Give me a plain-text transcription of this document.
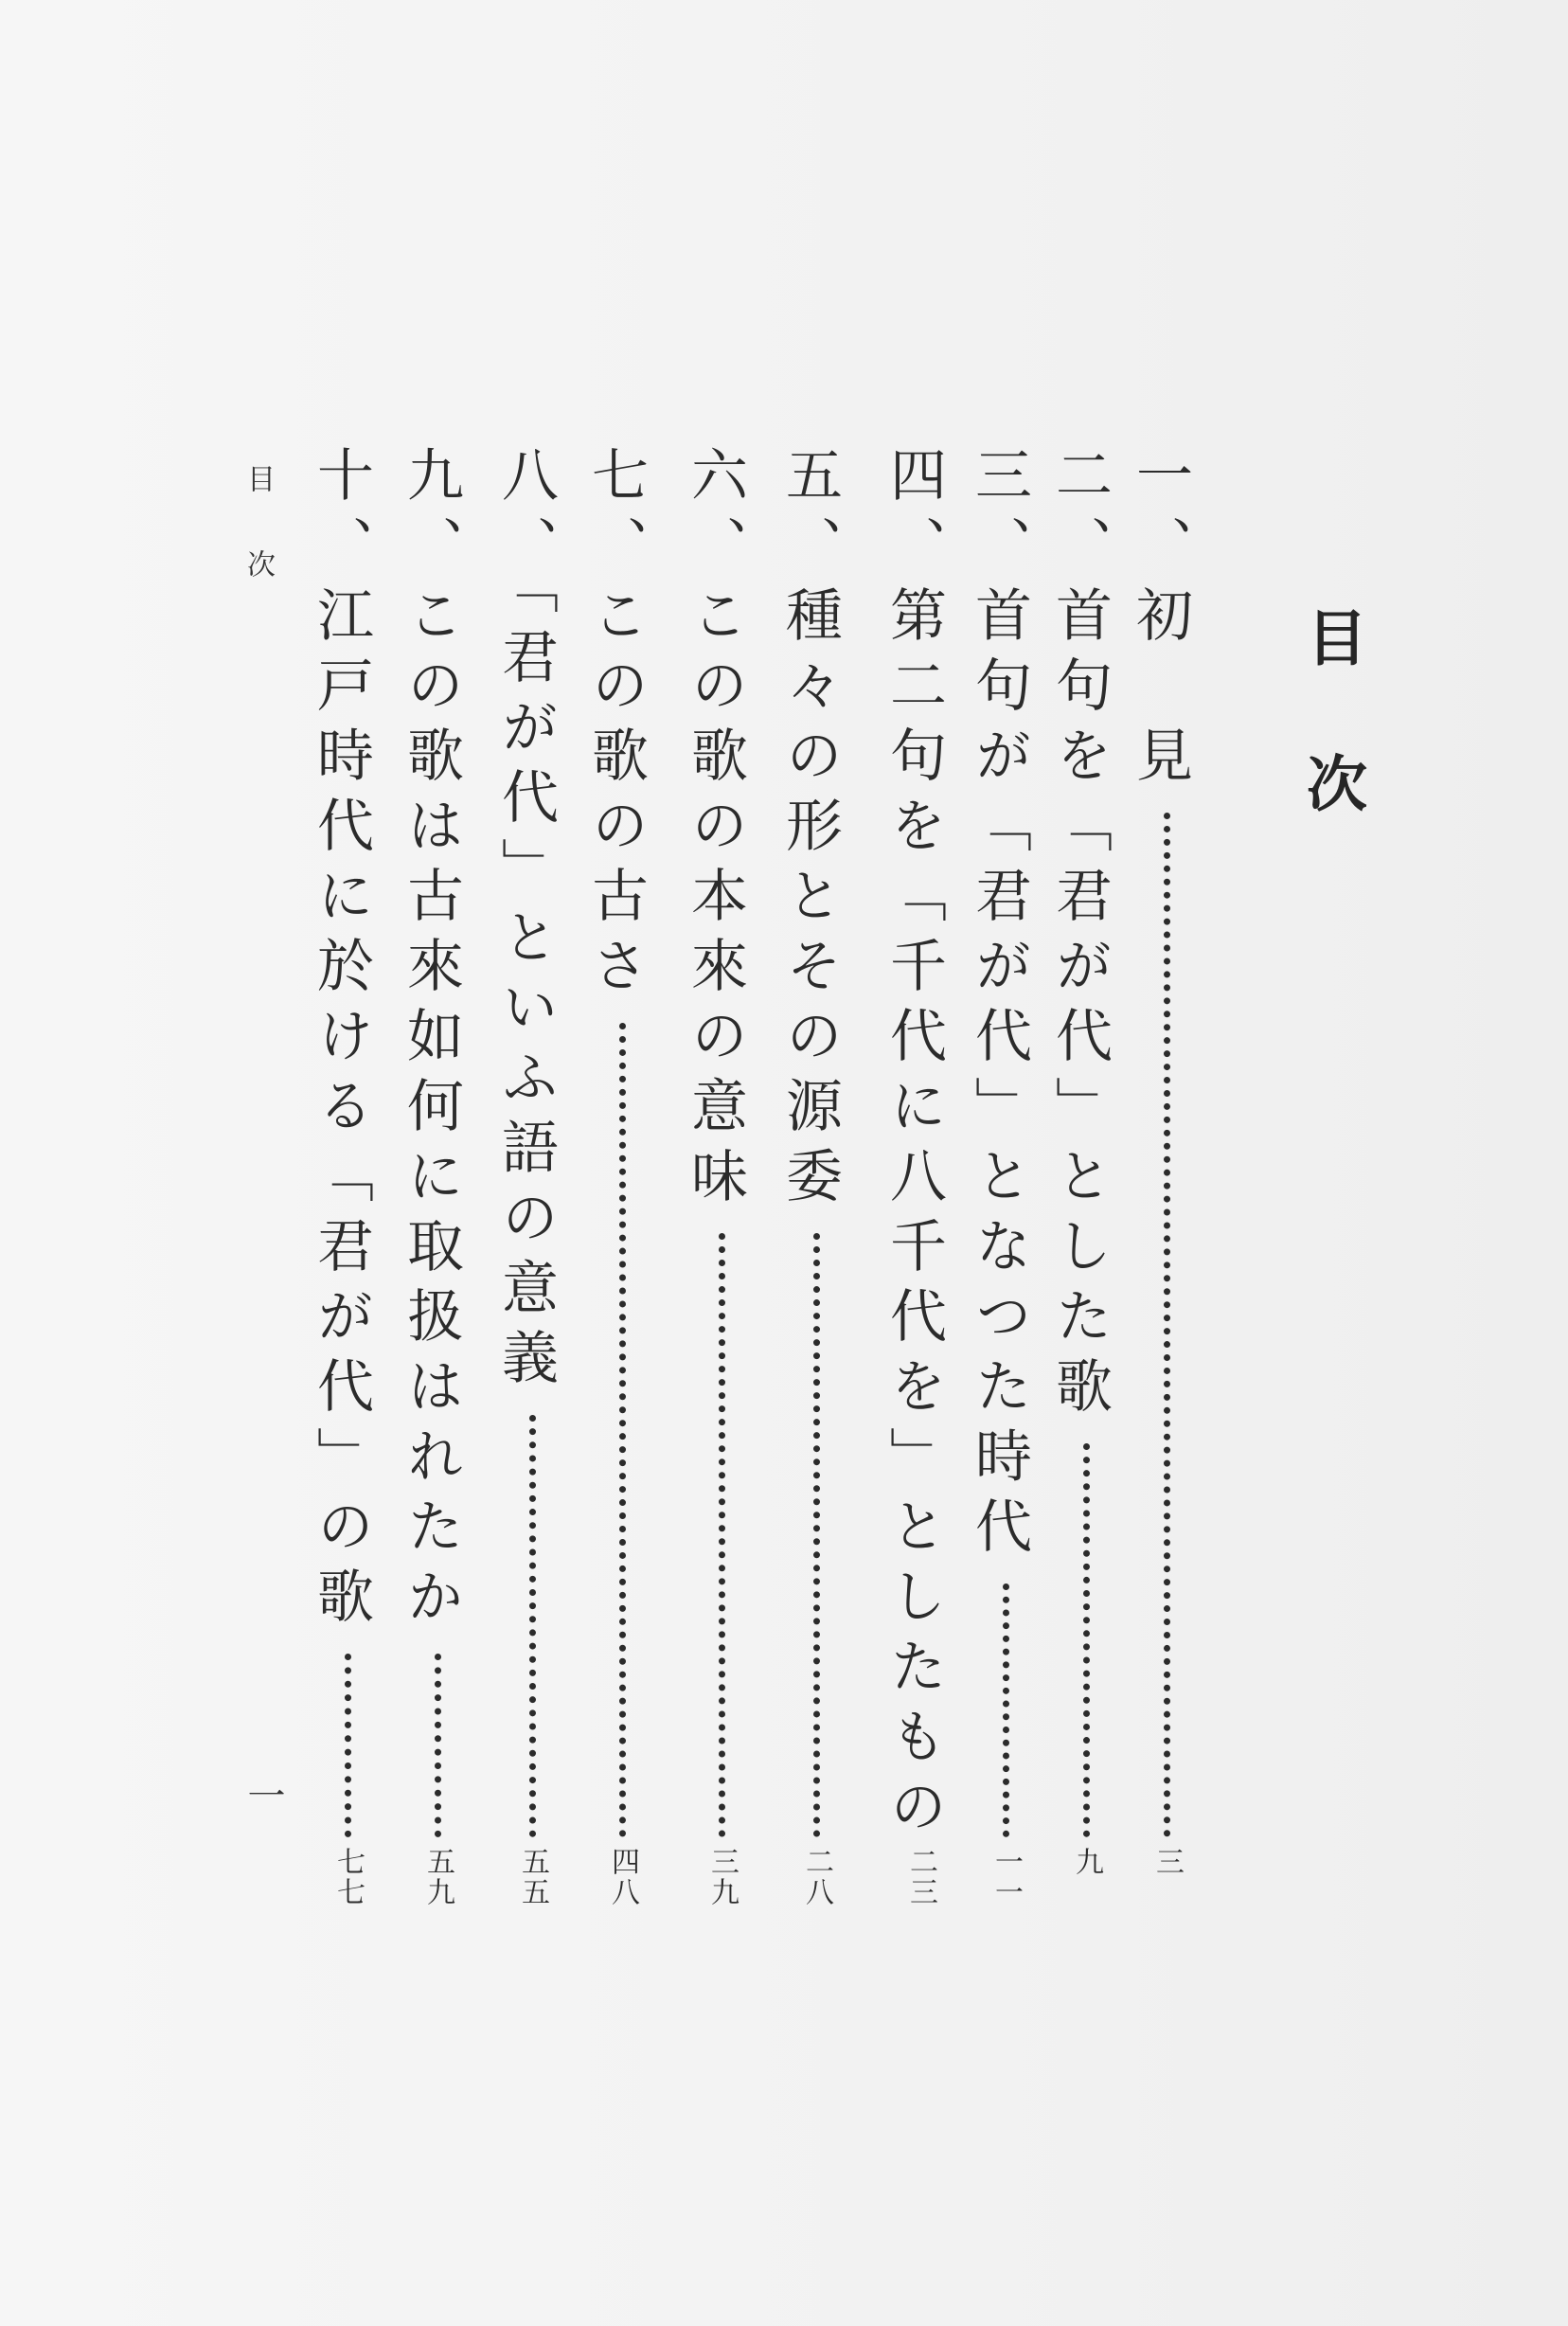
目次
一、初　見
三
二、首句を「君が代」とした歌
九
三、首句が「君が代」となつた時代
一一
四、第二句を「千代に八千代を」としたもの
二三
五、種々の形とその源委
二八
六、この歌の本來の意味
三九
七、この歌の古さ
四八
八、「君が代」といふ語の意義
五五
九、この歌は古來如何に取扱はれたか
五九
十、江戸時代に於ける「君が代」の歌
七七
目次
一
